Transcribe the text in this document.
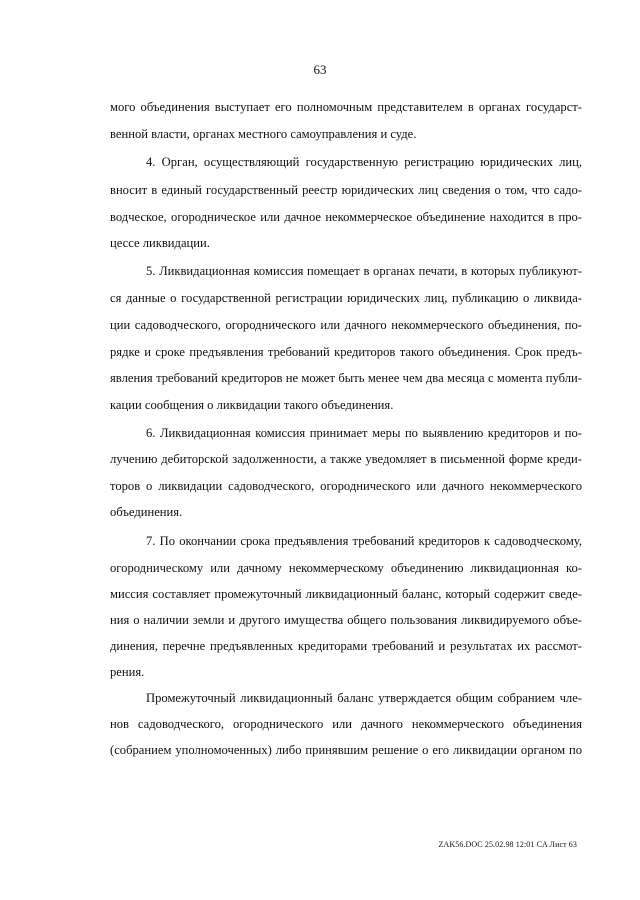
63
мого объединения выступает его полномочным представителем в органах государст-
венной власти, органах местного самоуправления и суде.
4. Орган, осуществляющий государственную регистрацию юридических лиц,
вносит в единый государственный реестр юридических лиц сведения о том, что садо-
водческое, огородническое или дачное некоммерческое объединение находится в про-
цессе ликвидации.
5. Ликвидационная комиссия помещает в органах печати, в которых публикуют-
ся данные о государственной регистрации юридических лиц, публикацию о ликвида-
ции садоводческого, огороднического или дачного некоммерческого объединения, по-
рядке и сроке предъявления требований кредиторов такого объединения. Срок предъ-
явления требований кредиторов не может быть менее чем два месяца с момента публи-
кации сообщения о ликвидации такого объединения.
6. Ликвидационная комиссия принимает меры по выявлению кредиторов и по-
лучению дебиторской задолженности, а также уведомляет в письменной форме креди-
торов о ликвидации садоводческого, огороднического или дачного некоммерческого
объединения.
7. По окончании срока предъявления требований кредиторов к садоводческому,
огородническому или дачному некоммерческому объединению ликвидационная ко-
миссия составляет промежуточный ликвидационный баланс, который содержит сведе-
ния о наличии земли и другого имущества общего пользования ликвидируемого объе-
динения, перечне предъявленных кредиторами требований и результатах их рассмот-
рения.
Промежуточный ликвидационный баланс утверждается общим собранием чле-
нов садоводческого, огороднического или дачного некоммерческого объединения
(собранием уполномоченных) либо принявшим решение о его ликвидации органом по
ZAK56.DOC 25.02.98 12:01 CA Лист 63
